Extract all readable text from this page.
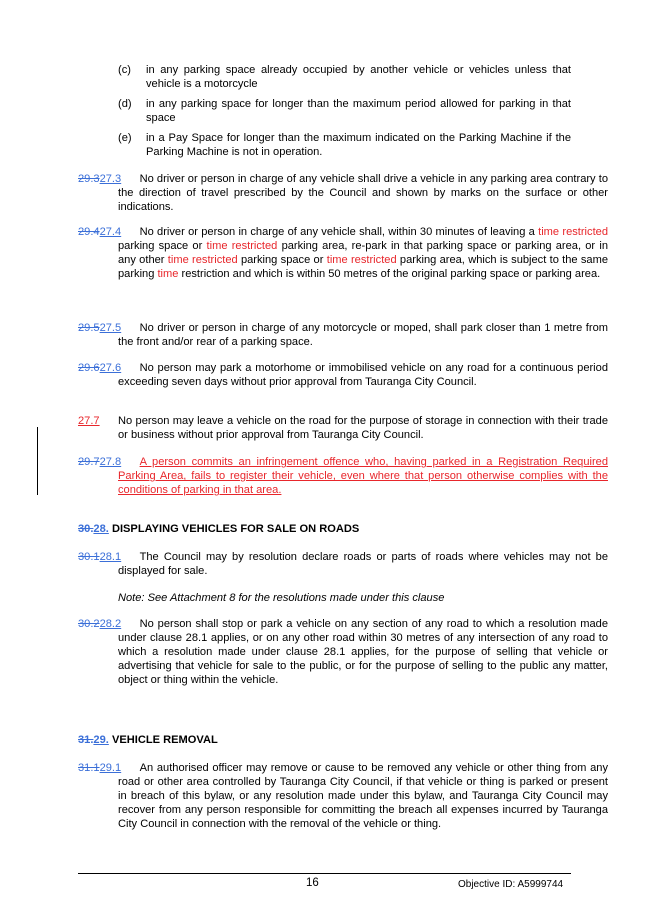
(c) in any parking space already occupied by another vehicle or vehicles unless that vehicle is a motorcycle
(d) in any parking space for longer than the maximum period allowed for parking in that space
(e) in a Pay Space for longer than the maximum indicated on the Parking Machine if the Parking Machine is not in operation.
29.327.3 No driver or person in charge of any vehicle shall drive a vehicle in any parking area contrary to the direction of travel prescribed by the Council and shown by marks on the surface or other indications.
29.427.4 No driver or person in charge of any vehicle shall, within 30 minutes of leaving a time restricted parking space or time restricted parking area, re-park in that parking space or parking area, or in any other time restricted parking space or time restricted parking area, which is subject to the same parking time restriction and which is within 50 metres of the original parking space or parking area.
29.527.5 No driver or person in charge of any motorcycle or moped, shall park closer than 1 metre from the front and/or rear of a parking space.
29.627.6 No person may park a motorhome or immobilised vehicle on any road for a continuous period exceeding seven days without prior approval from Tauranga City Council.
27.7 No person may leave a vehicle on the road for the purpose of storage in connection with their trade or business without prior approval from Tauranga City Council.
29.727.8 A person commits an infringement offence who, having parked in a Registration Required Parking Area, fails to register their vehicle, even where that person otherwise complies with the conditions of parking in that area.
30.28. DISPLAYING VEHICLES FOR SALE ON ROADS
30.128.1 The Council may by resolution declare roads or parts of roads where vehicles may not be displayed for sale.
Note: See Attachment 8 for the resolutions made under this clause
30.228.2 No person shall stop or park a vehicle on any section of any road to which a resolution made under clause 28.1 applies, or on any other road within 30 metres of any intersection of any road to which a resolution made under clause 28.1 applies, for the purpose of selling that vehicle or advertising that vehicle for sale to the public, or for the purpose of selling to the public any matter, object or thing within the vehicle.
31.29. VEHICLE REMOVAL
31.129.1 An authorised officer may remove or cause to be removed any vehicle or other thing from any road or other area controlled by Tauranga City Council, if that vehicle or thing is parked or present in breach of this bylaw, or any resolution made under this bylaw, and Tauranga City Council may recover from any person responsible for committing the breach all expenses incurred by Tauranga City Council in connection with the removal of the vehicle or thing.
16	Objective ID: A5999744
